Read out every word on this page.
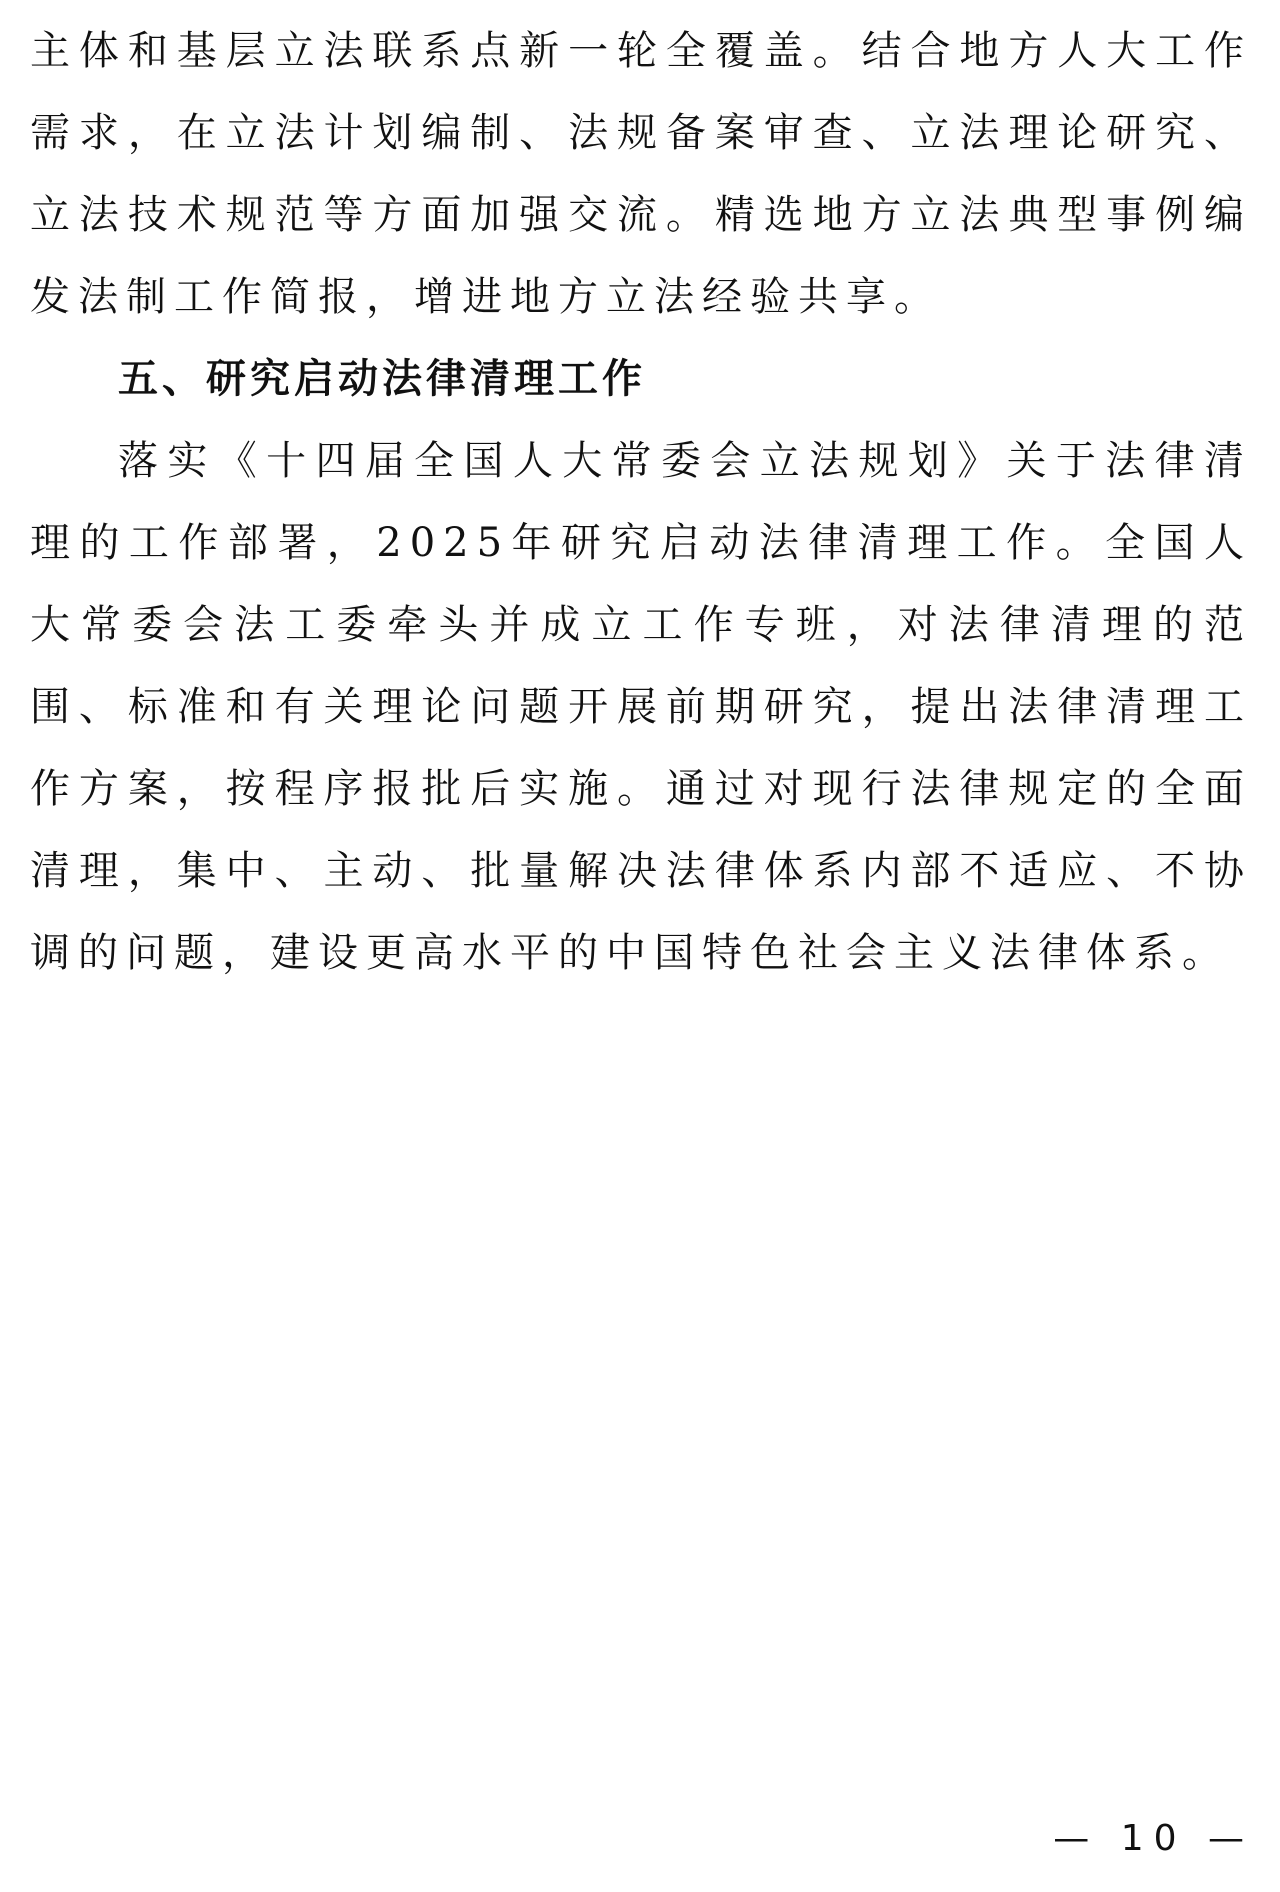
主体和基层立法联系点新一轮全覆盖。结合地方人大工作需求，在立法计划编制、法规备案审查、立法理论研究、立法技术规范等方面加强交流。精选地方立法典型事例编发法制工作简报，增进地方立法经验共享。

五、研究启动法律清理工作

落实《十四届全国人大常委会立法规划》关于法律清理的工作部署，2025年研究启动法律清理工作。全国人大常委会法工委牵头并成立工作专班，对法律清理的范围、标准和有关理论问题开展前期研究，提出法律清理工作方案，按程序报批后实施。通过对现行法律规定的全面清理，集中、主动、批量解决法律体系内部不适应、不协调的问题，建设更高水平的中国特色社会主义法律体系。

— 10 —
